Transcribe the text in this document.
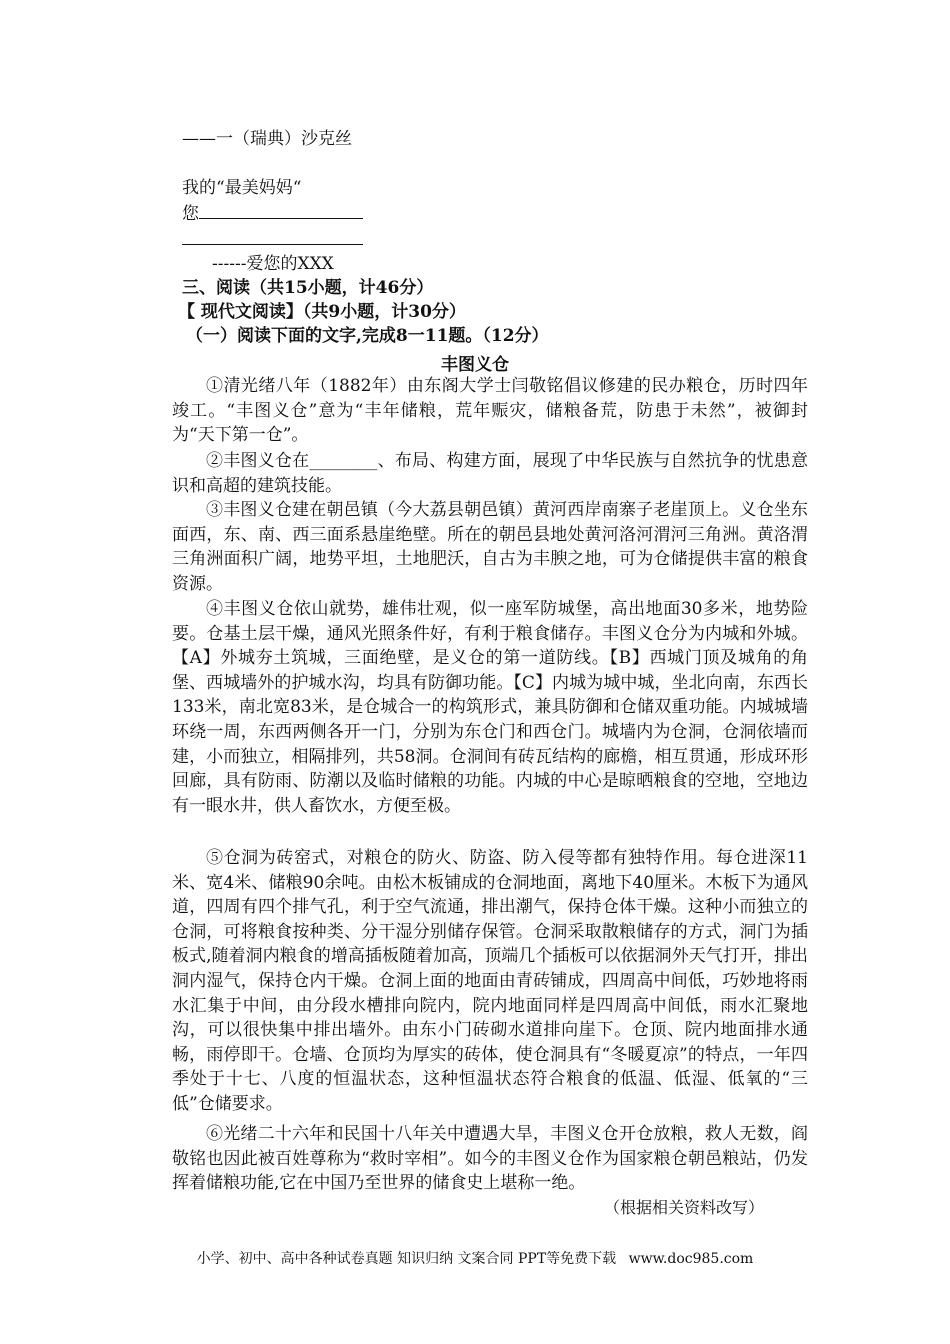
——一（瑞典）沙克丝
我的“最美妈妈“
您
------爱您的XXX
三、阅读（共15小题，计46分）
【 现代文阅读】（共9小题，计30分）
（一）阅读下面的文字,完成8一11题。（12分）
丰图义仓

①清光绪八年（1882年）由东阁大学士闫敬铭倡议修建的民办粮仓，历时四年竣工。“丰图义仓”意为“丰年储粮，荒年赈灾，储粮备荒，防患于未然”，被御封为“天下第一仓”。

②丰图义仓在________、布局、构建方面，展现了中华民族与自然抗争的忧患意识和高超的建筑技能。

③丰图义仓建在朝邑镇（今大荔县朝邑镇）黄河西岸南寨子老崖顶上。义仓坐东面西，东、南、西三面系悬崖绝壁。所在的朝邑县地处黄河洛河渭河三角洲。黄洛渭三角洲面积广阔，地势平坦，土地肥沃，自古为丰腴之地，可为仓储提供丰富的粮食资源。

④丰图义仓依山就势，雄伟壮观，似一座军防城堡，高出地面30多米，地势险要。仓基土层干燥，通风光照条件好，有利于粮食储存。丰图义仓分为内城和外城。【A】外城夯土筑城，三面绝壁，是义仓的第一道防线。【B】西城门顶及城角的角堡、西城墙外的护城水沟，均具有防御功能。【C】内城为城中城，坐北向南，东西长133米，南北宽83米，是仓城合一的构筑形式，兼具防御和仓储双重功能。内城城墙环绕一周，东西两侧各开一门，分别为东仓门和西仓门。城墙内为仓洞，仓洞依墙而建，小而独立，相隔排列，共58洞。仓洞间有砖瓦结构的廊檐，相互贯通，形成环形回廊，具有防雨、防潮以及临时储粮的功能。内城的中心是晾晒粮食的空地，空地边有一眼水井，供人畜饮水，方便至极。

⑤仓洞为砖窑式，对粮仓的防火、防盗、防入侵等都有独特作用。每仓进深11米、宽4米、储粮90余吨。由松木板铺成的仓洞地面，离地下40厘米。木板下为通风道，四周有四个排气孔，利于空气流通，排出潮气，保持仓体干燥。这种小而独立的仓洞，可将粮食按种类、分干湿分别储存保管。仓洞采取散粮储存的方式，洞门为插板式,随着洞内粮食的增高插板随着加高，顶端几个插板可以依据洞外天气打开，排出洞内湿气，保持仓内干燥。仓洞上面的地面由青砖铺成，四周高中间低，巧妙地将雨水汇集于中间，由分段水槽排向院内，院内地面同样是四周高中间低，雨水汇聚地沟，可以很快集中排出墙外。由东小门砖砌水道排向崖下。仓顶、院内地面排水通畅，雨停即干。仓墙、仓顶均为厚实的砖体，使仓洞具有“冬暖夏凉”的特点，一年四季处于十七、八度的恒温状态，这种恒温状态符合粮食的低温、低湿、低氧的“三低”仓储要求。

⑥光绪二十六年和民国十八年关中遭遇大旱，丰图义仓开仓放粮，救人无数，阎敬铭也因此被百姓尊称为“救时宰相”。如今的丰图义仓作为国家粮仓朝邑粮站，仍发挥着储粮功能,它在中国乃至世界的储食史上堪称一绝。

（根据相关资料改写）
小学、初中、高中各种试卷真题 知识归纳 文案合同 PPT等免费下载 www.doc985.com
